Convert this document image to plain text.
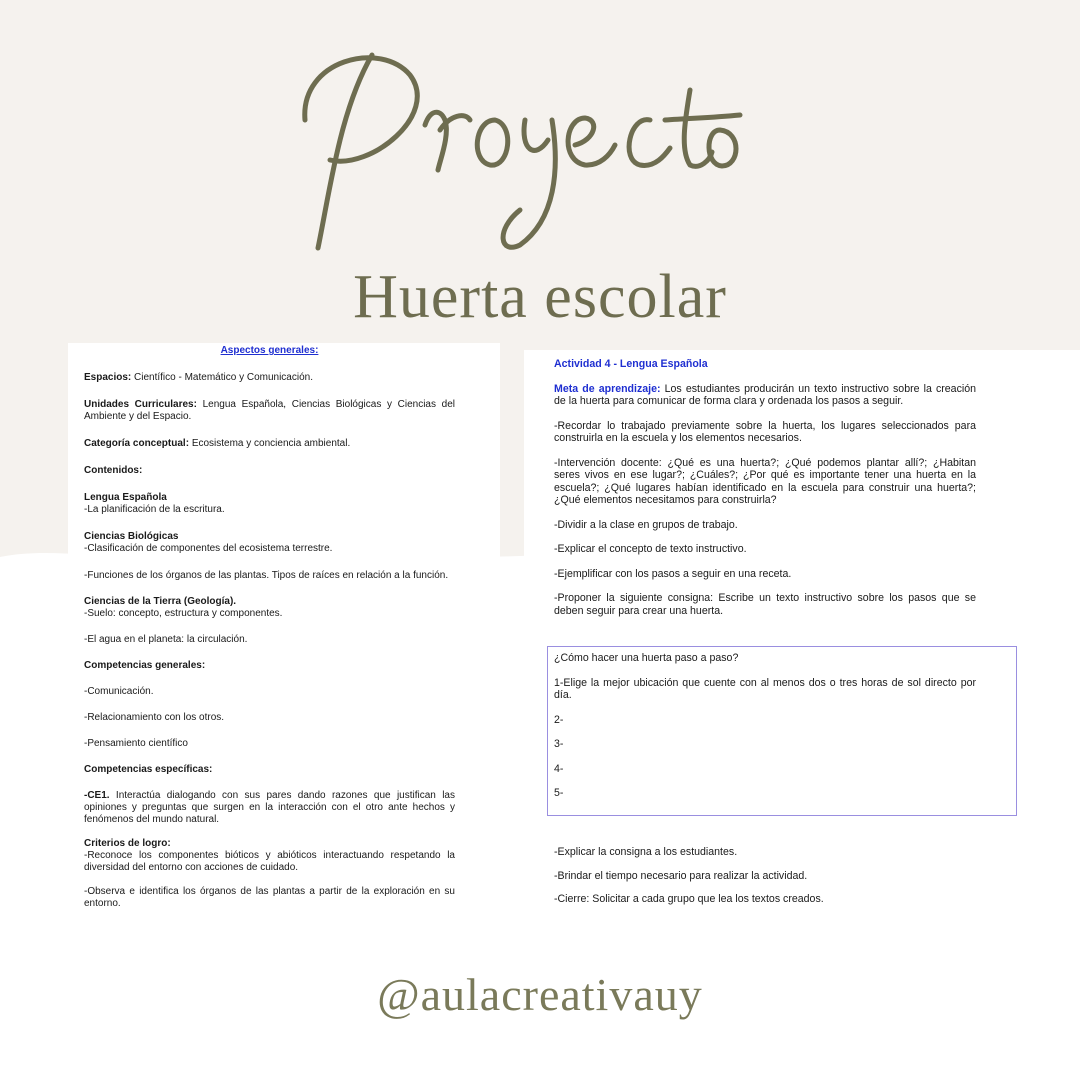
Huerta escolar
Aspectos generales:

Espacios: Científico - Matemático y Comunicación.

Unidades Curriculares: Lengua Española, Ciencias Biológicas y Ciencias del Ambiente y del Espacio.

Categoría conceptual: Ecosistema y conciencia ambiental.

Contenidos:

Lengua Española

-La planificación de la escritura.

Ciencias Biológicas

-Clasificación de componentes del ecosistema terrestre.

-Funciones de los órganos de las plantas. Tipos de raíces en relación a la función.

Ciencias de la Tierra (Geología).

-Suelo: concepto, estructura y componentes.

-El agua en el planeta: la circulación.

Competencias generales:

-Comunicación.

-Relacionamiento con los otros.

-Pensamiento científico

Competencias específicas:

-CE1. Interactúa dialogando con sus pares dando razones que justifican las opiniones y preguntas que surgen en la interacción con el otro ante hechos y fenómenos del mundo natural.

Criterios de logro:

-Reconoce los componentes bióticos y abióticos interactuando respetando la diversidad del entorno con acciones de cuidado.

-Observa e identifica los órganos de las plantas a partir de la exploración en su entorno.

Actividad 4 - Lengua Española

Meta de aprendizaje: Los estudiantes producirán un texto instructivo sobre la creación de la huerta para comunicar de forma clara y ordenada los pasos a seguir.

-Recordar lo trabajado previamente sobre la huerta, los lugares seleccionados para construirla en la escuela y los elementos necesarios.

-Intervención docente: ¿Qué es una huerta?; ¿Qué podemos plantar allí?; ¿Habitan seres vivos en ese lugar?; ¿Cuáles?; ¿Por qué es importante tener una huerta en la escuela?; ¿Qué lugares habían identificado en la escuela para construir una huerta?; ¿Qué elementos necesitamos para construirla?

-Dividir a la clase en grupos de trabajo.

-Explicar el concepto de texto instructivo.

-Ejemplificar con los pasos a seguir en una receta.

-Proponer la siguiente consigna: Escribe un texto instructivo sobre los pasos que se deben seguir para crear una huerta.

¿Cómo hacer una huerta paso a paso?

1-Elige la mejor ubicación que cuente con al menos dos o tres horas de sol directo por día.

2-

3-

4-

5-

-Explicar la consigna a los estudiantes.

-Brindar el tiempo necesario para realizar la actividad.

-Cierre: Solicitar a cada grupo que lea los textos creados.

@aulacreativauy
